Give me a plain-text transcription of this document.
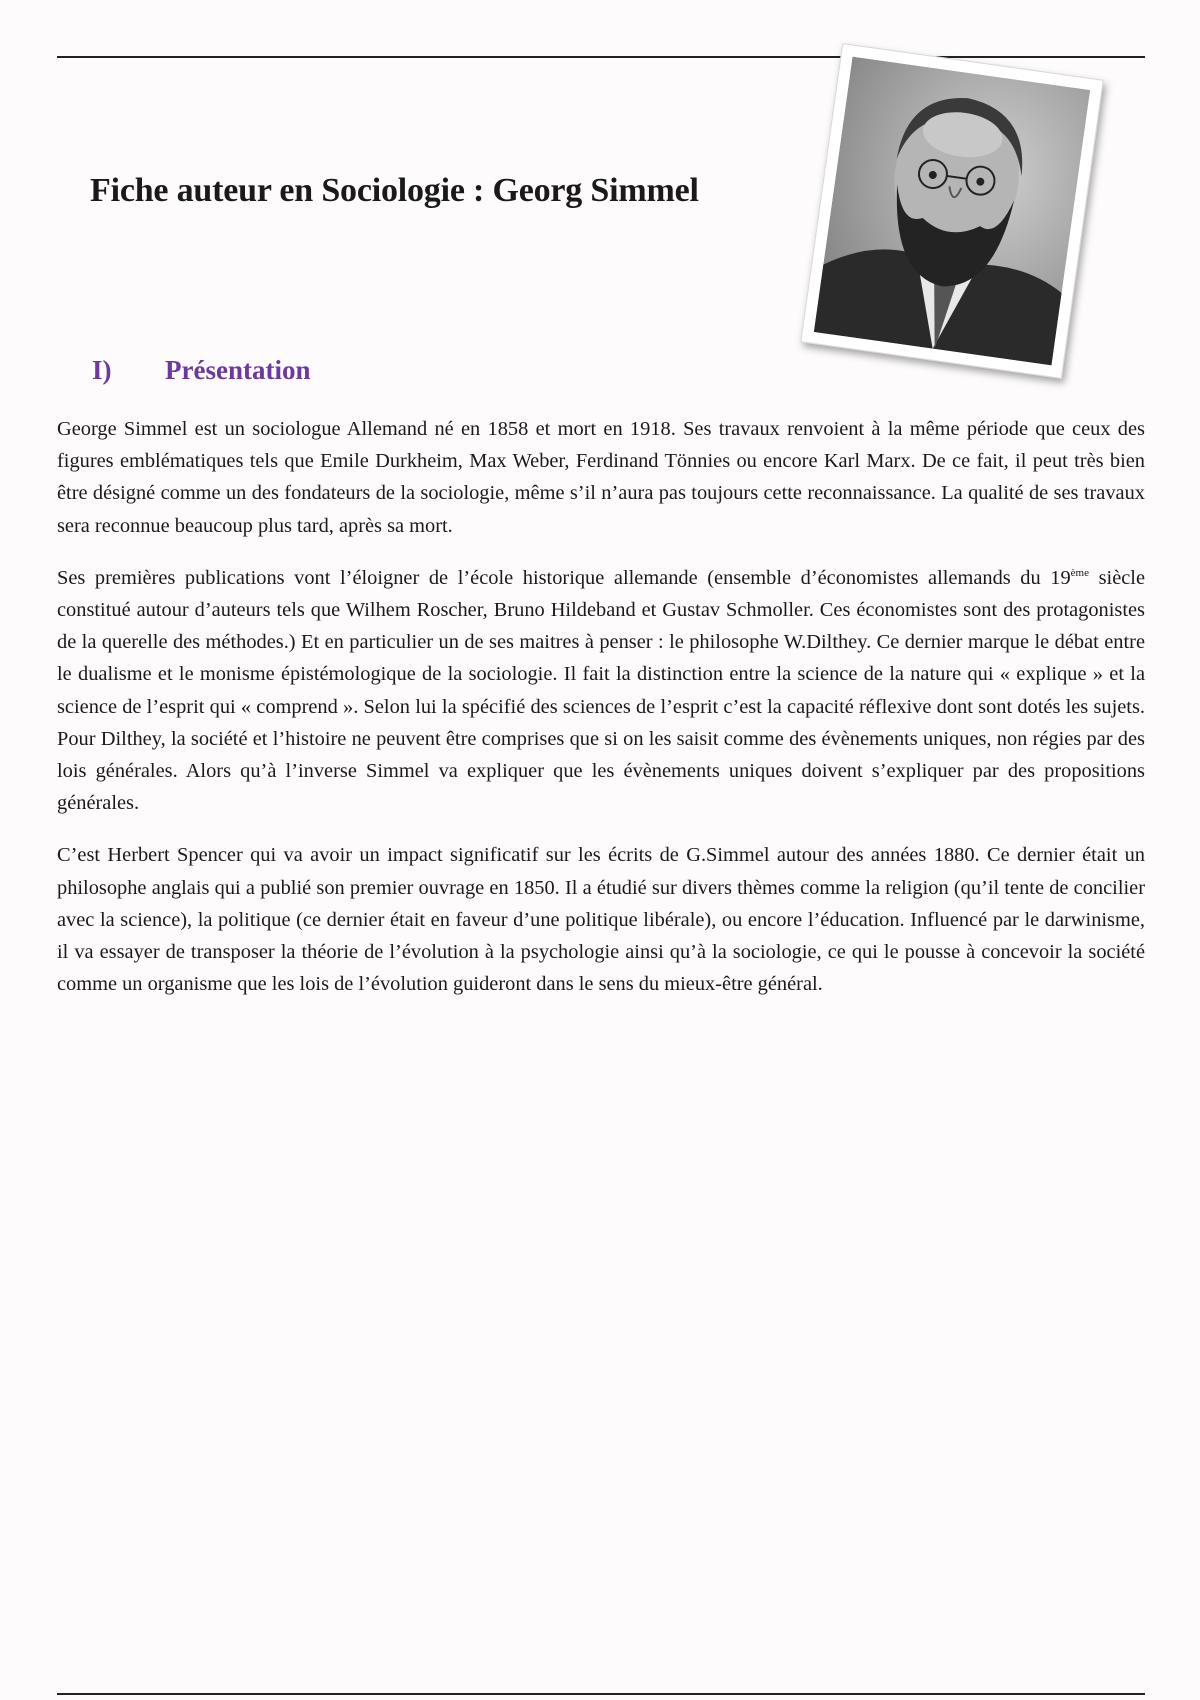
Fiche auteur en Sociologie : Georg Simmel
I)	Présentation

George Simmel est un sociologue Allemand né en 1858 et mort en 1918. Ses travaux renvoient à la même période que ceux des figures emblématiques tels que Emile Durkheim, Max Weber, Ferdinand Tönnies ou encore Karl Marx. De ce fait, il peut très bien être désigné comme un des fondateurs de la sociologie, même s’il n’aura pas toujours cette reconnaissance. La qualité de ses travaux sera reconnue beaucoup plus tard, après sa mort.

Ses premières publications vont l’éloigner de l’école historique allemande (ensemble d’économistes allemands du 19ème siècle constitué autour d’auteurs tels que Wilhem Roscher, Bruno Hildeband et Gustav Schmoller. Ces économistes sont des protagonistes de la querelle des méthodes.) Et en particulier un de ses maitres à penser : le philosophe W.Dilthey. Ce dernier marque le débat entre le dualisme et le monisme épistémologique de la sociologie. Il fait la distinction entre la science de la nature qui « explique » et la science de l’esprit qui « comprend ». Selon lui la spécifié des sciences de l’esprit c’est la capacité réflexive dont sont dotés les sujets. Pour Dilthey, la société et l’histoire ne peuvent être comprises que si on les saisit comme des évènements uniques, non régies par des lois générales. Alors qu’à l’inverse Simmel va expliquer que les évènements uniques doivent s’expliquer par des propositions générales.

C’est Herbert Spencer qui va avoir un impact significatif sur les écrits de G.Simmel autour des années 1880. Ce dernier était un philosophe anglais qui a publié son premier ouvrage en 1850. Il a étudié sur divers thèmes comme la religion (qu’il tente de concilier avec la science), la politique (ce dernier était en faveur d’une politique libérale), ou encore l’éducation. Influencé par le darwinisme, il va essayer de transposer la théorie de l’évolution à la psychologie ainsi qu’à la sociologie, ce qui le pousse à concevoir la société comme un organisme que les lois de l’évolution guideront dans le sens du mieux-être général.
